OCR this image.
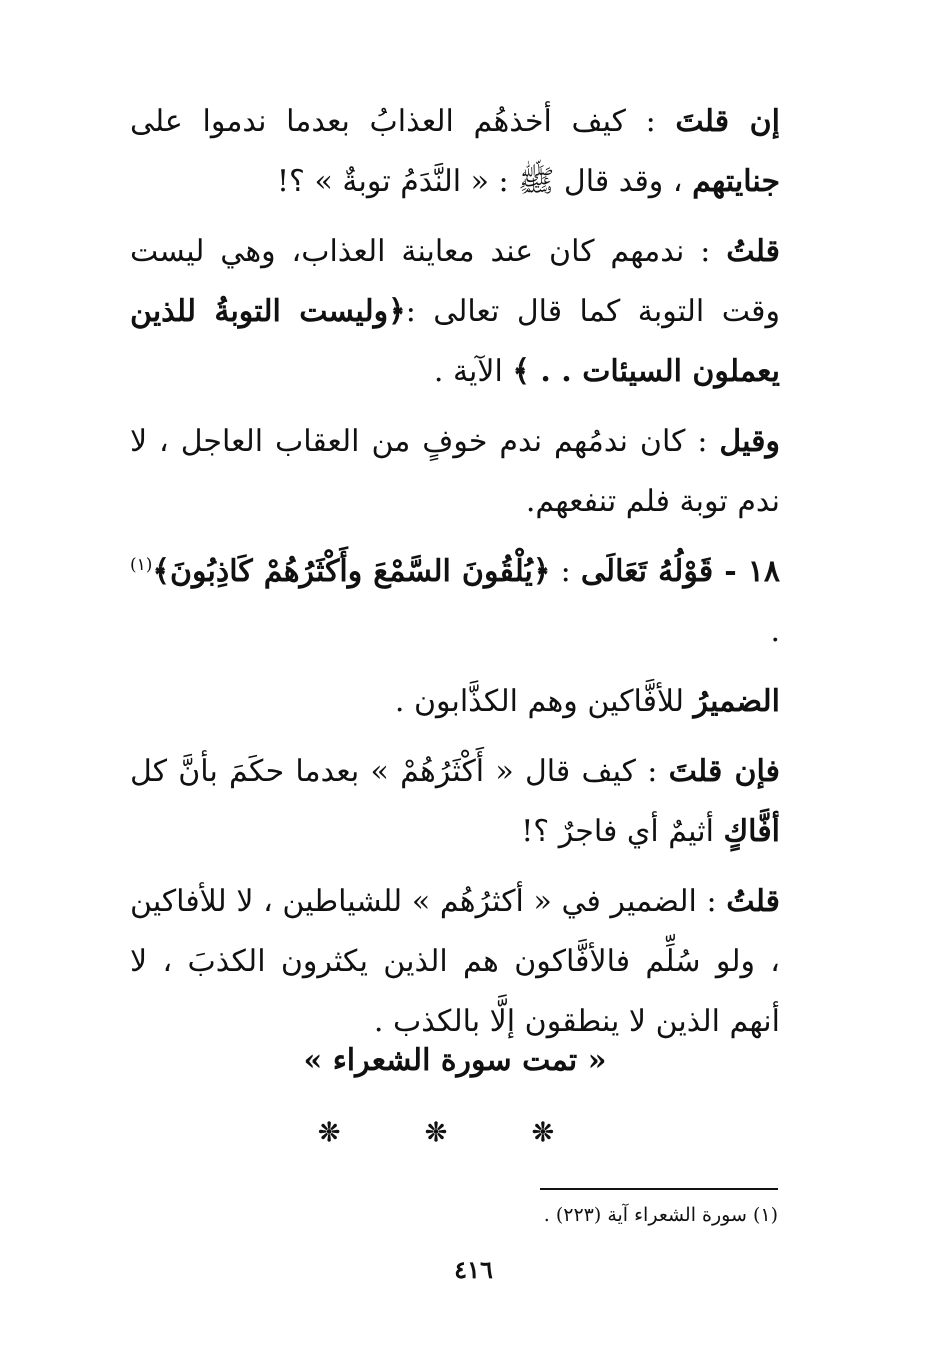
إن قلتَ : كيف أخذهُم العذابُ بعدما ندموا على جنايتهم ، وقد قال ﷺ : « النَّدَمُ توبةٌ » ؟!

قلتُ : ندمهم كان عند معاينة العذاب، وهي ليست وقت التوبة كما قال تعالى :﴿وليست التوبةُ للذين يعملون السيئات . . ﴾ الآية .

وقيل : كان ندمُهم ندم خوفٍ من العقاب العاجل ، لا ندم توبة فلم تنفعهم.

١٨ - قَوْلُهُ تَعَالَى : ﴿يُلْقُونَ السَّمْعَ وأَكْثَرُهُمْ كَاذِبُونَ﴾$^{(١)}$ .

الضميرُ للأفَّاكين وهم الكذَّابون .

فإن قلتَ : كيف قال « أَكْثَرُهُمْ » بعدما حكَمَ بأنَّ كل أفَّاكٍ أثيمٌ أي فاجرٌ ؟!

قلتُ : الضمير في « أكثرُهُم » للشياطين ، لا للأفاكين ، ولو سُلِّم فالأفَّاكون هم الذين يكثرون الكذبَ ، لا أنهم الذين لا ينطقون إلَّا بالكذب .

« تمت سورة الشعراء »
❊ ❊ ❊
(١) سورة الشعراء آية (٢٢٣) .
٤١٦
